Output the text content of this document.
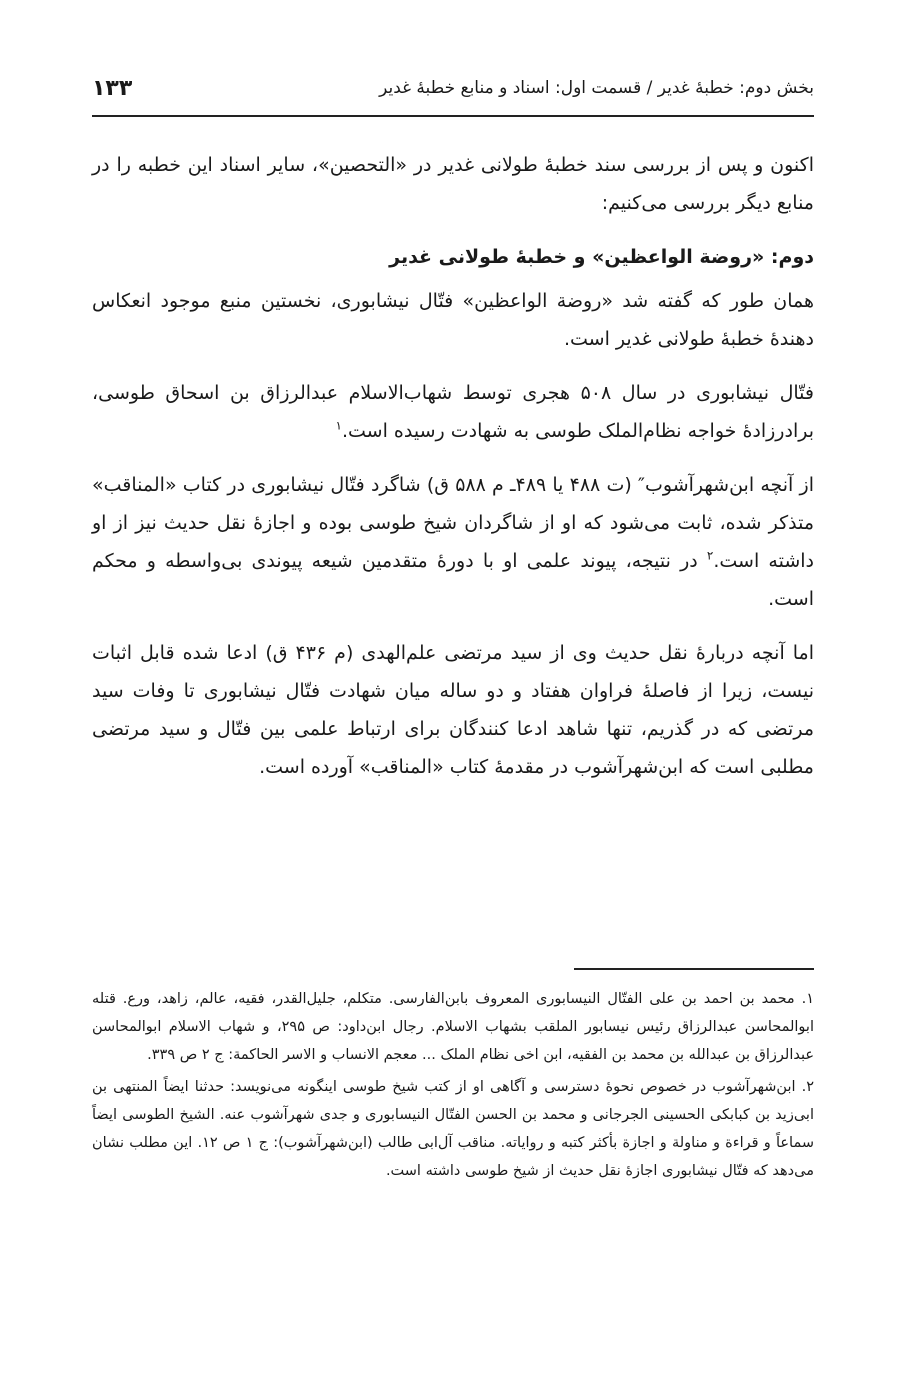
بخش دوم: خطبۀ غدیر / قسمت اول: اسناد و منابع خطبۀ غدیر
۱۳۳

اکنون و پس از بررسی سند خطبۀ طولانی غدیر در «التحصین»، سایر اسناد این خطبه را در منابع دیگر بررسی می‌کنیم:

دوم: «روضة الواعظین» و خطبۀ طولانی غدیر

همان طور که گفته شد «روضة الواعظین» فتّال نیشابوری، نخستین منبع موجود انعکاس دهندۀ خطبۀ طولانی غدیر است.

فتّال نیشابوری در سال ۵۰۸ هجری توسط شهاب‌الاسلام عبدالرزاق بن اسحاق طوسی، برادرزادۀ خواجه نظام‌الملک طوسی به شهادت رسیده است.$^۱$

از آنچه ابن‌شهرآشوب″ (ت ۴۸۸ یا ۴۸۹ـ م ۵۸۸ ق) شاگرد فتّال نیشابوری در کتاب «المناقب» متذکر شده، ثابت می‌شود که او از شاگردان شیخ طوسی بوده و اجازۀ نقل حدیث نیز از او داشته است.$^۲$ در نتیجه، پیوند علمی او با دورۀ متقدمین شیعه پیوندی بی‌واسطه و محکم است.

اما آنچه دربارۀ نقل حدیث وی از سید مرتضی علم‌الهدی (م ۴۳۶ ق) ادعا شده قابل اثبات نیست، زیرا از فاصلۀ فراوان هفتاد و دو ساله میان شهادت فتّال نیشابوری تا وفات سید مرتضی که در گذریم، تنها شاهد ادعا کنندگان برای ارتباط علمی بین فتّال و سید مرتضی مطلبی است که ابن‌شهرآشوب در مقدمۀ کتاب «المناقب» آورده است.

۱. محمد بن احمد بن علی الفتّال النیسابوری المعروف بابن‌الفارسی. متکلم، جلیل‌القدر، فقیه، عالم، زاهد، ورع. قتله ابوالمحاسن عبدالرزاق رئیس نیسابور الملقب بشهاب الاسلام. رجال ابن‌داود: ص ۲۹۵، و شهاب الاسلام ابوالمحاسن عبدالرزاق بن عبدالله بن محمد بن الفقیه، ابن اخی نظام الملک ... معجم الانساب و الاسر الحاکمة: ج ۲ ص ۳۳۹.

۲. ابن‌شهرآشوب در خصوص نحوۀ دسترسی و آگاهی او از کتب شیخ طوسی اینگونه می‌نویسد: حدثنا ایضاً المنتهی بن ابی‌زید بن کبابکی الحسینی الجرجانی و محمد بن الحسن الفتّال النیسابوری و جدی شهرآشوب عنه. الشیخ الطوسی ایضاً سماعاً و قراءة و مناولة و اجازة بأکثر کتبه و روایاته. مناقب آل‌ابی طالب (ابن‌شهرآشوب): ج ۱ ص ۱۲. این مطلب نشان می‌دهد که فتّال نیشابوری اجازۀ نقل حدیث از شیخ طوسی داشته است.
